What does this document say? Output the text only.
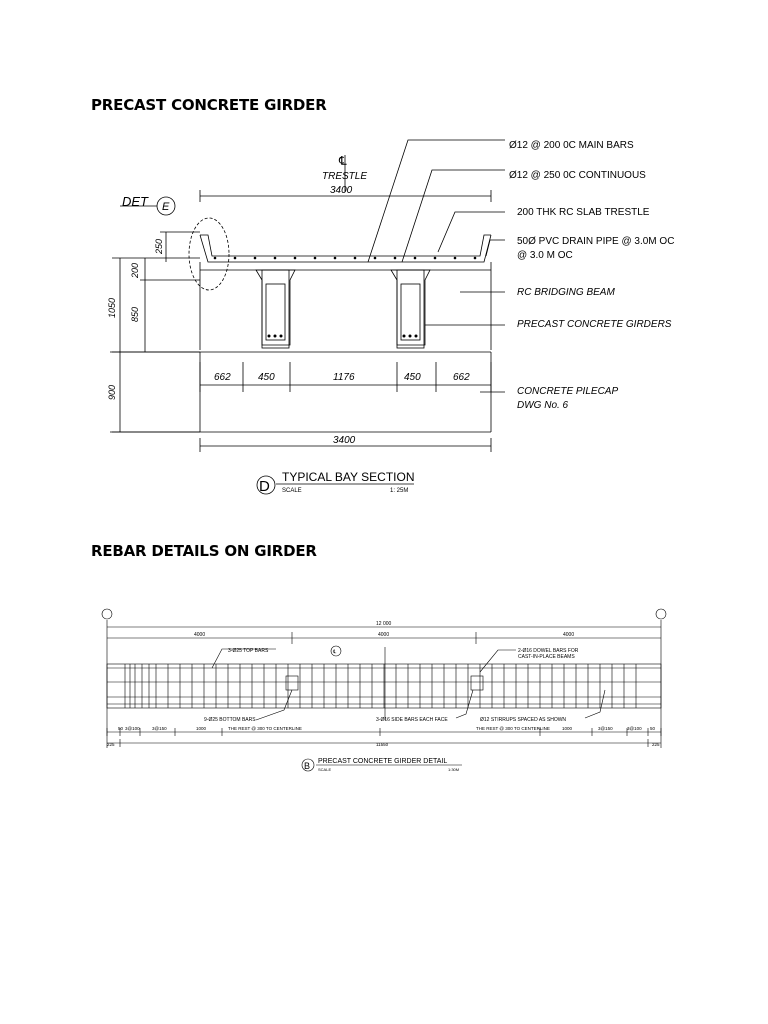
PRECAST CONCRETE GIRDER
REBAR DETAILS ON GIRDER
℄
TRESTLE
DET E
3400
3400
250
200
850
1050
900
662	450	1176	450	662
Ø12 @ 200 0C MAIN BARS
Ø12 @ 250 0C CONTINUOUS
200 THK RC SLAB TRESTLE
50Ø PVC DRAIN PIPE @ 3.0M OC
@ 3.0 M OC
RC BRIDGING BEAM
PRECAST CONCRETE GIRDERS
CONCRETE PILECAP
DWG No. 6
D
TYPICAL BAY SECTION
SCALE	1: 25M
12 000
4000	4000	4000
℄
3-Ø25 TOP BARS	2-Ø16 DOWEL BARS FOR
CAST-IN-PLACE BEAMS
9-Ø25 BOTTOM BARS	3-Ø16 SIDE BARS EACH FACE	Ø12 STIRRUPS SPACED AS SHOWN
50 3@100	3@150	1000	THE REST @ 300 TO CENTERLINE	THE REST @ 300 TO CENTERLINE	1000	3@150	3@100 50
225	225
11550
B PRECAST CONCRETE GIRDER DETAIL
SCALE	1:30M
